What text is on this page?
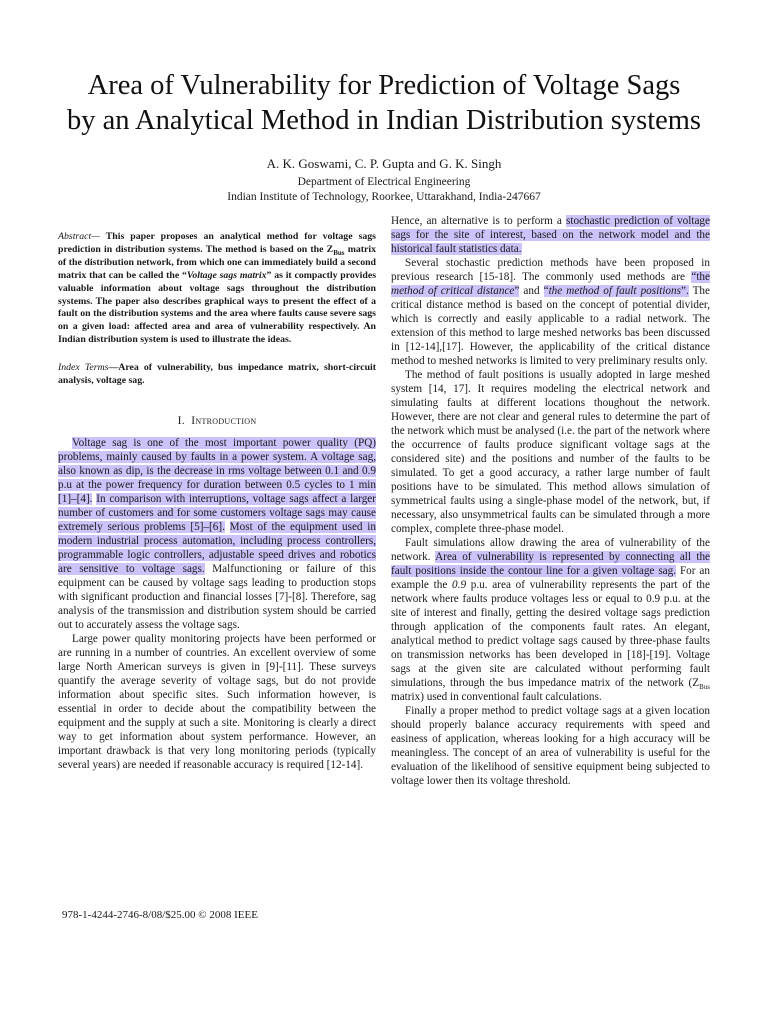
Area of Vulnerability for Prediction of Voltage Sags
by an Analytical Method in Indian Distribution systems
A. K. Goswami, C. P. Gupta and G. K. Singh
Department of Electrical Engineering
Indian Institute of Technology, Roorkee, Uttarakhand, India-247667
Abstract— This paper proposes an analytical method for voltage sags prediction in distribution systems. The method is based on the $Z_{Bus}$ matrix of the distribution network, from which one can immediately build a second matrix that can be called the “Voltage sags matrix” as it compactly provides valuable information about voltage sags throughout the distribution systems. The paper also describes graphical ways to present the effect of a fault on the distribution systems and the area where faults cause severe sags on a given load: affected area and area of vulnerability respectively. An Indian distribution system is used to illustrate the ideas.
Index Terms—Area of vulnerability, bus impedance matrix, short-circuit analysis, voltage sag.
I. Introduction

Voltage sag is one of the most important power quality (PQ) problems, mainly caused by faults in a power system. A voltage sag, also known as dip, is the decrease in rms voltage between 0.1 and 0.9 p.u at the power frequency for duration between 0.5 cycles to 1 min [1]–[4]. In comparison with interruptions, voltage sags affect a larger number of customers and for some customers voltage sags may cause extremely serious problems [5]–[6]. Most of the equipment used in modern industrial process automation, including process controllers, programmable logic controllers, adjustable speed drives and robotics are sensitive to voltage sags. Malfunctioning or failure of this equipment can be caused by voltage sags leading to production stops with significant production and financial losses [7]-[8]. Therefore, sag analysis of the transmission and distribution system should be carried out to accurately assess the voltage sags.

Large power quality monitoring projects have been performed or are running in a number of countries. An excellent overview of some large North American surveys is given in [9]-[11]. These surveys quantify the average severity of voltage sags, but do not provide information about specific sites. Such information however, is essential in order to decide about the compatibility between the equipment and the supply at such a site. Monitoring is clearly a direct way to get information about system performance. However, an important drawback is that very long monitoring periods (typically several years) are needed if reasonable accuracy is required [12-14].

Hence, an alternative is to perform a stochastic prediction of voltage sags for the site of interest, based on the network model and the historical fault statistics data.

Several stochastic prediction methods have been proposed in previous research [15-18]. The commonly used methods are “the method of critical distance” and “the method of fault positions”. The critical distance method is based on the concept of potential divider, which is correctly and easily applicable to a radial network. The extension of this method to large meshed networks bas been discussed in [12-14],[17]. However, the applicability of the critical distance method to meshed networks is limited to very preliminary results only.

The method of fault positions is usually adopted in large meshed system [14, 17]. It requires modeling the electrical network and simulating faults at different locations thoughout the network. However, there are not clear and general rules to determine the part of the network which must be analysed (i.e. the part of the network where the occurrence of faults produce significant voltage sags at the considered site) and the positions and number of the faults to be simulated. To get a good accuracy, a rather large number of fault positions have to be simulated. This method allows simulation of symmetrical faults using a single-phase model of the network, but, if necessary, also unsymmetrical faults can be simulated through a more complex, complete three-phase model.

Fault simulations allow drawing the area of vulnerability of the network. Area of vulnerability is represented by connecting all the fault positions inside the contour line for a given voltage sag. For an example the 0.9 p.u. area of vulnerability represents the part of the network where faults produce voltages less or equal to 0.9 p.u. at the site of interest and finally, getting the desired voltage sags prediction through application of the components fault rates. An elegant, analytical method to predict voltage sags caused by three-phase faults on transmission networks has been developed in [18]-[19]. Voltage sags at the given site are calculated without performing fault simulations, through the bus impedance matrix of the network ($Z_{Bus}$ matrix) used in conventional fault calculations.

Finally a proper method to predict voltage sags at a given location should properly balance accuracy requirements with speed and easiness of application, whereas looking for a high accuracy will be meaningless. The concept of an area of vulnerability is useful for the evaluation of the likelihood of sensitive equipment being subjected to voltage lower then its voltage threshold.

978-1-4244-2746-8/08/$25.00 © 2008 IEEE
